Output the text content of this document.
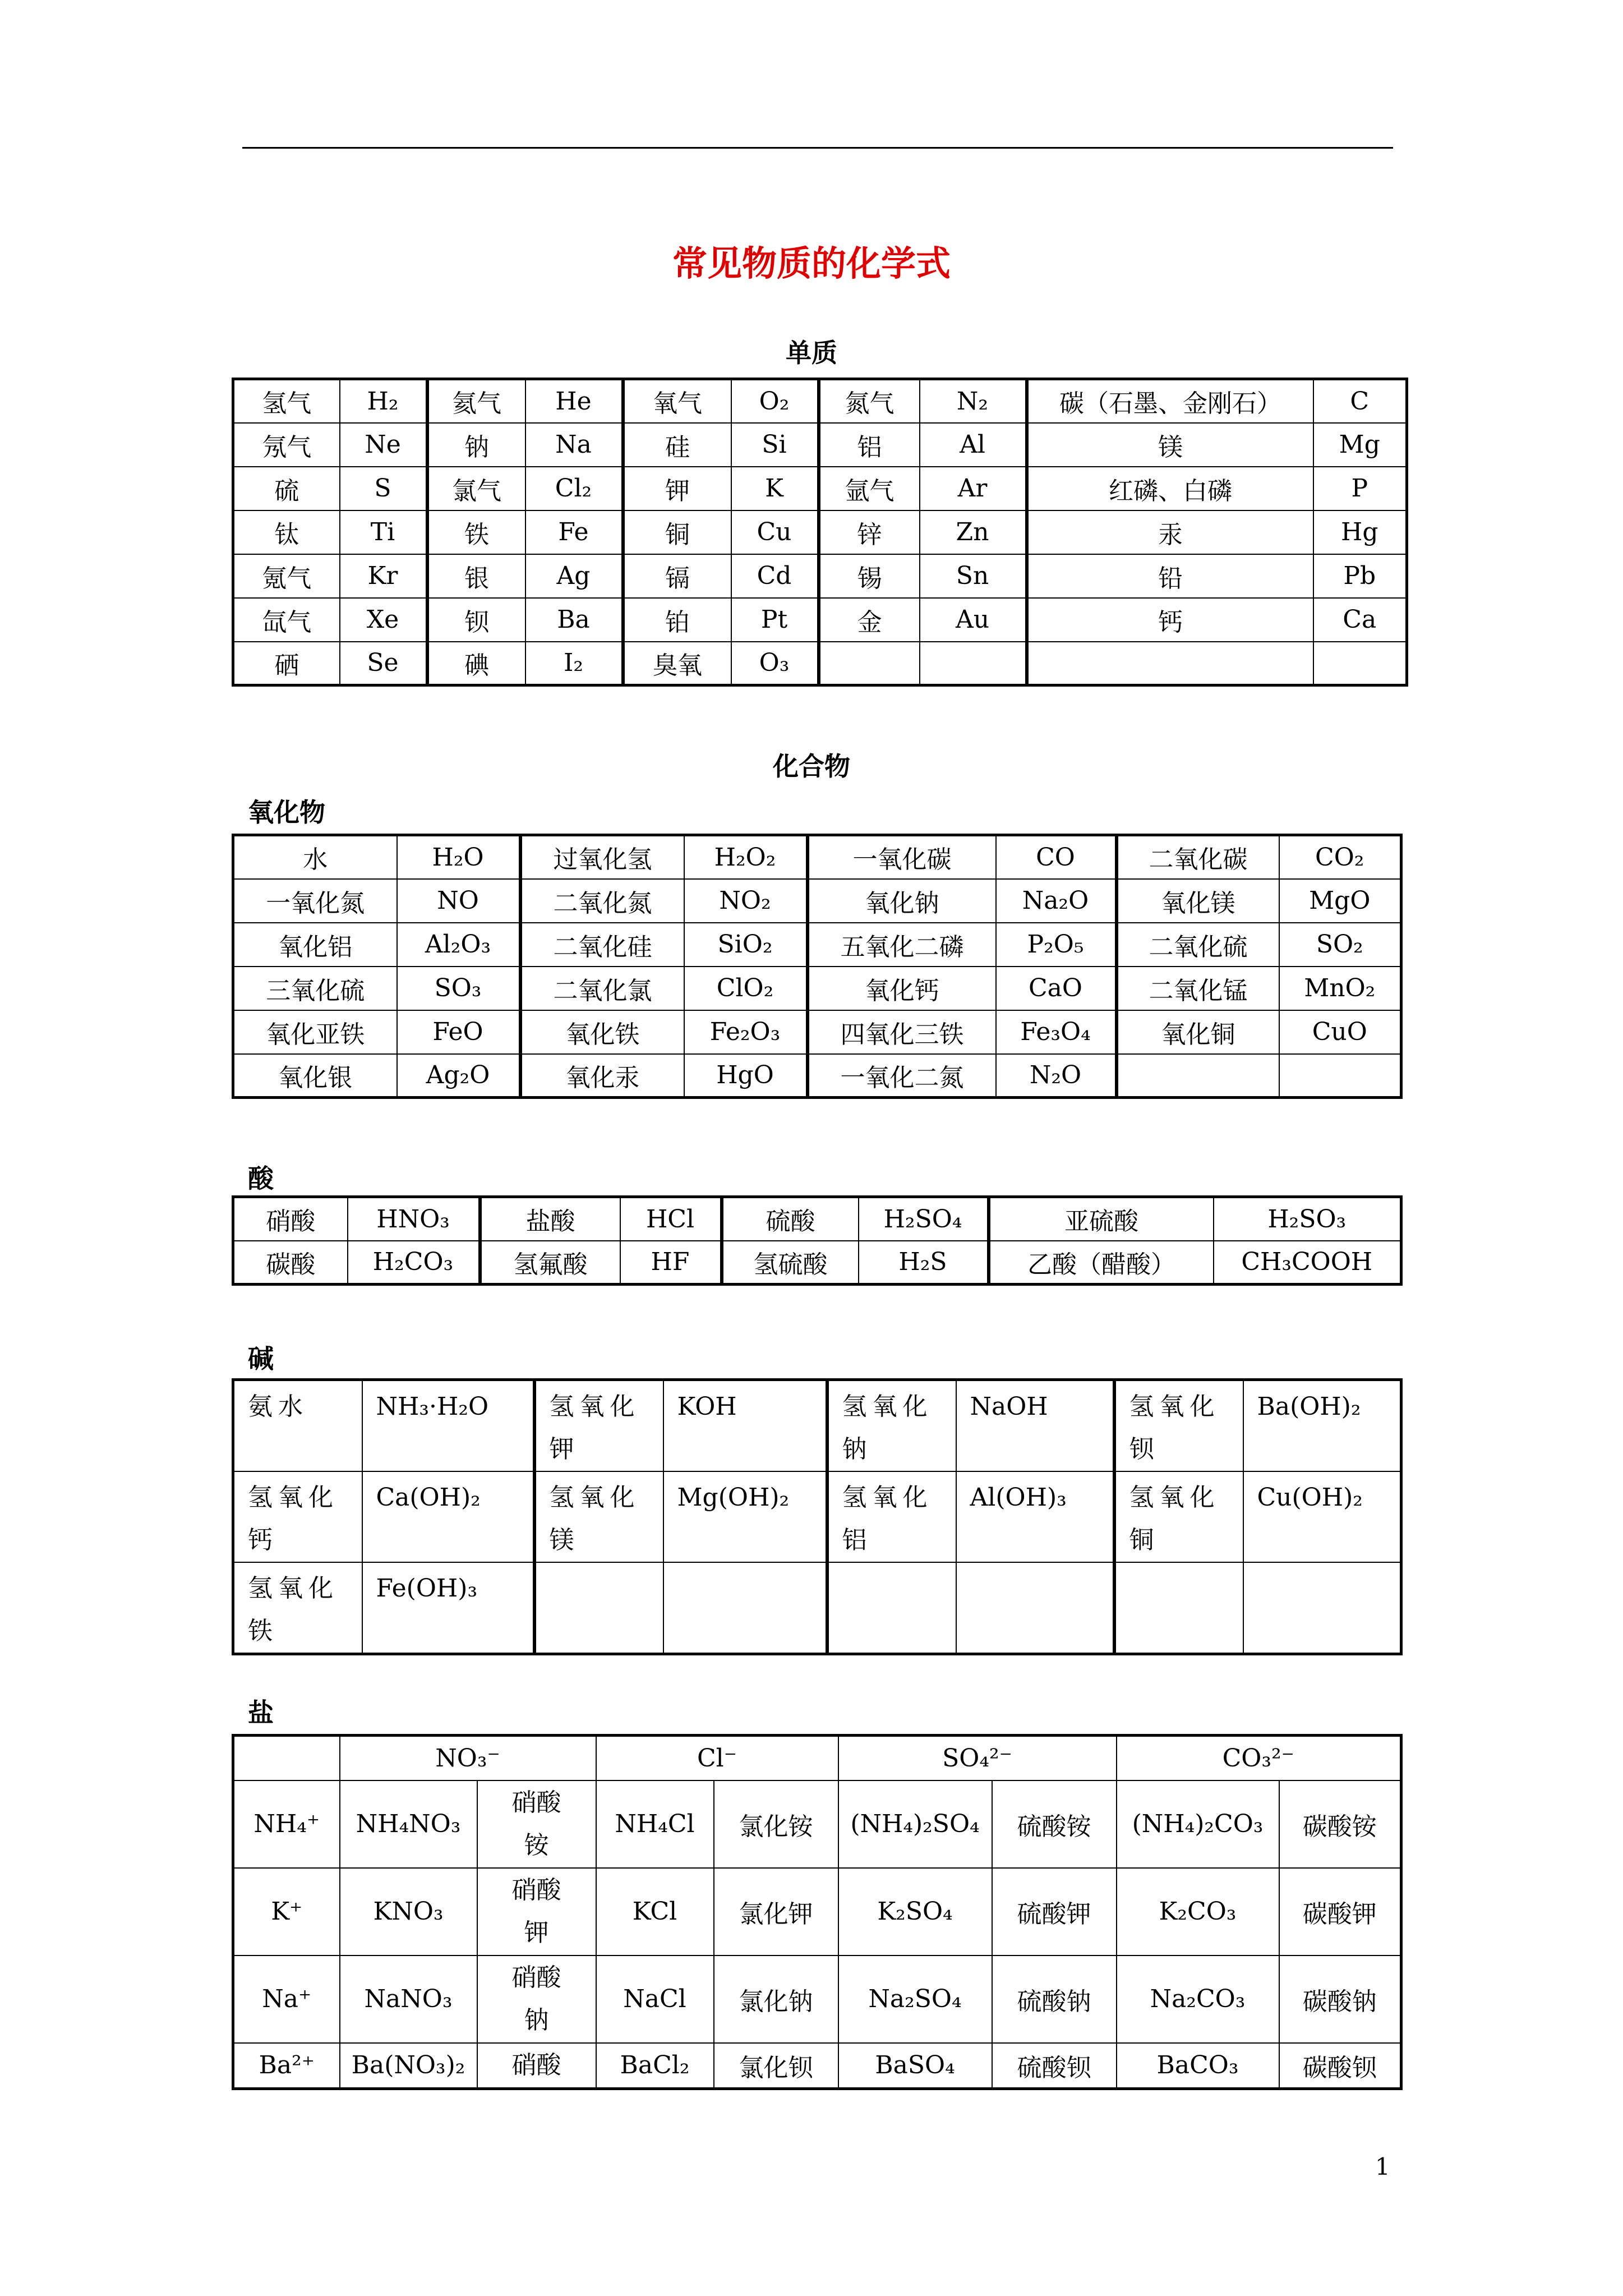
常见物质的化学式
单质
氢气	H₂	氦气	He	氧气	O₂	氮气	N₂	碳（石墨、金刚石）	C
氖气	Ne	钠	Na	硅	Si	铝	Al	镁	Mg
硫	S	氯气	Cl₂	钾	K	氩气	Ar	红磷、白磷	P
钛	Ti	铁	Fe	铜	Cu	锌	Zn	汞	Hg
氪气	Kr	银	Ag	镉	Cd	锡	Sn	铅	Pb
氙气	Xe	钡	Ba	铂	Pt	金	Au	钙	Ca
硒	Se	碘	I₂	臭氧	O₃				
化合物
氧化物
水	H₂O	过氧化氢	H₂O₂	一氧化碳	CO	二氧化碳	CO₂
一氧化氮	NO	二氧化氮	NO₂	氧化钠	Na₂O	氧化镁	MgO
氧化铝	Al₂O₃	二氧化硅	SiO₂	五氧化二磷	P₂O₅	二氧化硫	SO₂
三氧化硫	SO₃	二氧化氯	ClO₂	氧化钙	CaO	二氧化锰	MnO₂
氧化亚铁	FeO	氧化铁	Fe₂O₃	四氧化三铁	Fe₃O₄	氧化铜	CuO
氧化银	Ag₂O	氧化汞	HgO	一氧化二氮	N₂O		
酸
硝酸	HNO₃	盐酸	HCl	硫酸	H₂SO₄	亚硫酸	H₂SO₃
碳酸	H₂CO₃	氢氟酸	HF	氢硫酸	H₂S	乙酸（醋酸）	CH₃COOH
碱
氨水	NH₃·H₂O	氢氧化钾	KOH	氢氧化钠	NaOH	氢氧化钡	Ba(OH)₂
氢氧化钙	Ca(OH)₂	氢氧化镁	Mg(OH)₂	氢氧化铝	Al(OH)₃	氢氧化铜	Cu(OH)₂
氢氧化铁	Fe(OH)₃						
盐
	NO₃⁻		Cl⁻		SO₄²⁻		CO₃²⁻	
NH₄⁺	NH₄NO₃	硝酸铵	NH₄Cl	氯化铵	(NH₄)₂SO₄	硫酸铵	(NH₄)₂CO₃	碳酸铵
K⁺	KNO₃	硝酸钾	KCl	氯化钾	K₂SO₄	硫酸钾	K₂CO₃	碳酸钾
Na⁺	NaNO₃	硝酸钠	NaCl	氯化钠	Na₂SO₄	硫酸钠	Na₂CO₃	碳酸钠
Ba²⁺	Ba(NO₃)₂	硝酸	BaCl₂	氯化钡	BaSO₄	硫酸钡	BaCO₃	碳酸钡
1
